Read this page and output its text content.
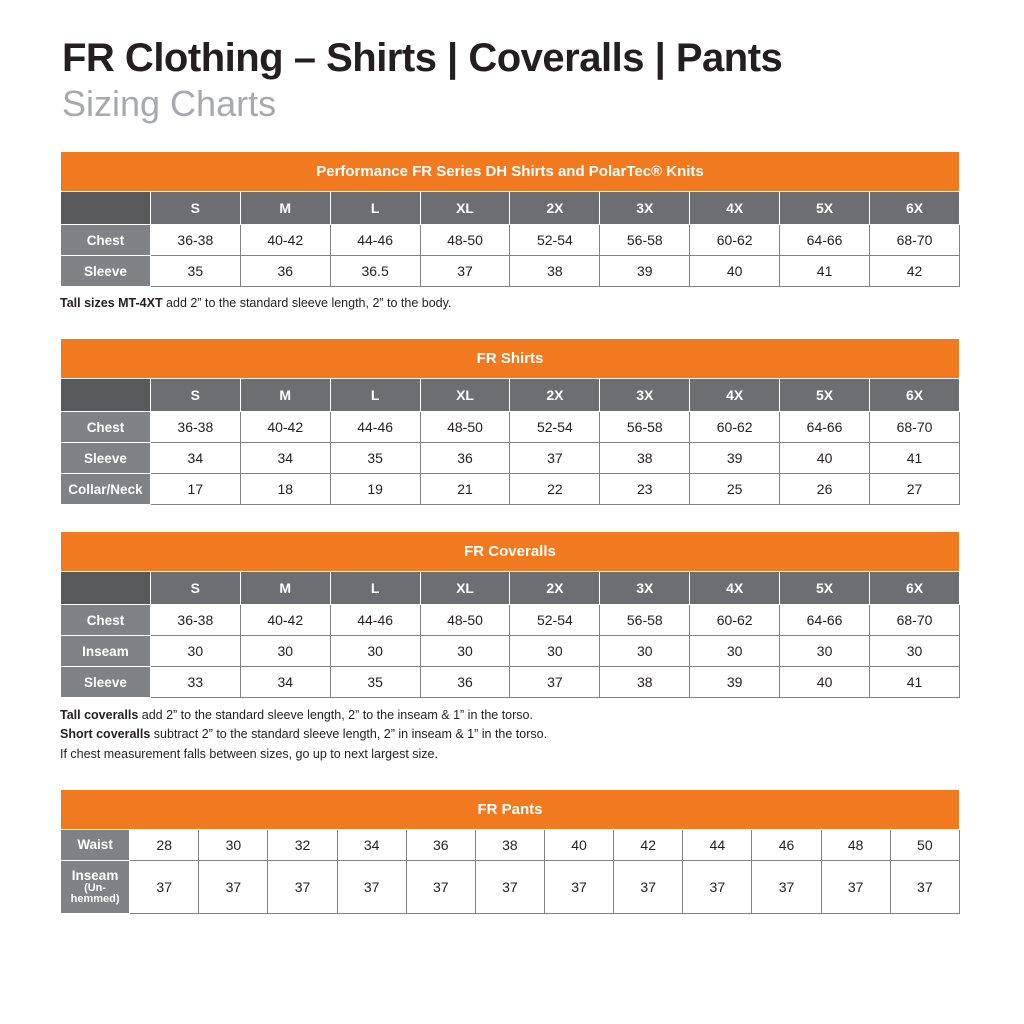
FR Clothing – Shirts | Coveralls | Pants
Sizing Charts
Performance FR Series DH Shirts and PolarTec® Knits									
	S	M	L	XL	2X	3X	4X	5X	6X
Chest	36-38	40-42	44-46	48-50	52-54	56-58	60-62	64-66	68-70
Sleeve	35	36	36.5	37	38	39	40	41	42
Tall sizes MT-4XT add 2” to the standard sleeve length, 2” to the body.
FR Shirts									
	S	M	L	XL	2X	3X	4X	5X	6X
Chest	36-38	40-42	44-46	48-50	52-54	56-58	60-62	64-66	68-70
Sleeve	34	34	35	36	37	38	39	40	41
Collar/Neck	17	18	19	21	22	23	25	26	27
FR Coveralls									
	S	M	L	XL	2X	3X	4X	5X	6X
Chest	36-38	40-42	44-46	48-50	52-54	56-58	60-62	64-66	68-70
Inseam	30	30	30	30	30	30	30	30	30
Sleeve	33	34	35	36	37	38	39	40	41
Tall coveralls add 2” to the standard sleeve length, 2” to the inseam & 1” in the torso.
Short coveralls subtract 2” to the standard sleeve length, 2” in inseam & 1” in the torso.
If chest measurement falls between sizes, go up to next largest size.
FR Pants												
Waist	28	30	32	34	36	38	40	42	44	46	48	50
Inseam
(Un-hemmed)	37	37	37	37	37	37	37	37	37	37	37	37
